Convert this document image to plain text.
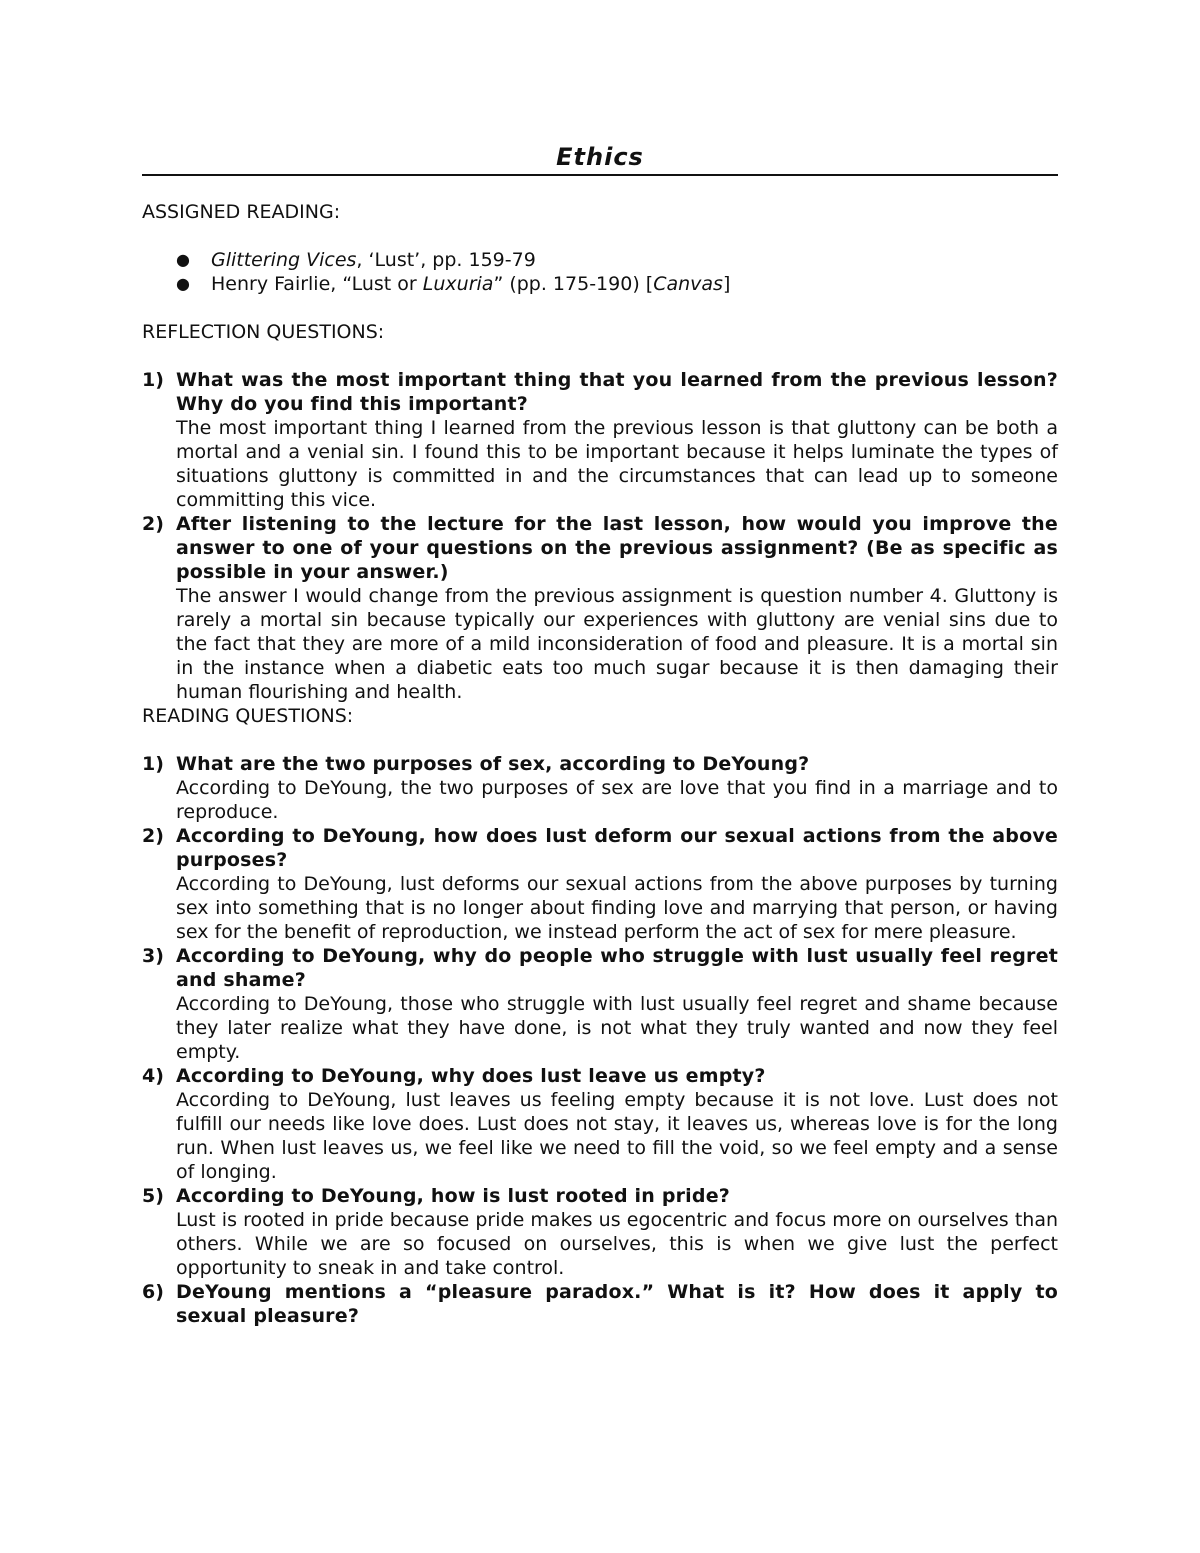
Ethics

ASSIGNED READING:

● Glittering Vices, ‘Lust’, pp. 159-79
● Henry Fairlie, “Lust or Luxuria” (pp. 175-190) [Canvas]

REFLECTION QUESTIONS:

1) What was the most important thing that you learned from the previous lesson? Why do you find this important?
The most important thing I learned from the previous lesson is that gluttony can be both a mortal and a venial sin. I found this to be important because it helps luminate the types of situations gluttony is committed in and the circumstances that can lead up to someone committing this vice.
2) After listening to the lecture for the last lesson, how would you improve the answer to one of your questions on the previous assignment? (Be as specific as possible in your answer.)
The answer I would change from the previous assignment is question number 4. Gluttony is rarely a mortal sin because typically our experiences with gluttony are venial sins due to the fact that they are more of a mild inconsideration of food and pleasure. It is a mortal sin in the instance when a diabetic eats too much sugar because it is then damaging their human flourishing and health.

READING QUESTIONS:

1) What are the two purposes of sex, according to DeYoung?
According to DeYoung, the two purposes of sex are love that you find in a marriage and to reproduce.
2) According to DeYoung, how does lust deform our sexual actions from the above purposes?
According to DeYoung, lust deforms our sexual actions from the above purposes by turning sex into something that is no longer about finding love and marrying that person, or having sex for the benefit of reproduction, we instead perform the act of sex for mere pleasure.
3) According to DeYoung, why do people who struggle with lust usually feel regret and shame?
According to DeYoung, those who struggle with lust usually feel regret and shame because they later realize what they have done, is not what they truly wanted and now they feel empty.
4) According to DeYoung, why does lust leave us empty?
According to DeYoung, lust leaves us feeling empty because it is not love. Lust does not fulfill our needs like love does. Lust does not stay, it leaves us, whereas love is for the long run. When lust leaves us, we feel like we need to fill the void, so we feel empty and a sense of longing.
5) According to DeYoung, how is lust rooted in pride?
Lust is rooted in pride because pride makes us egocentric and focus more on ourselves than others. While we are so focused on ourselves, this is when we give lust the perfect opportunity to sneak in and take control.
6) DeYoung mentions a “pleasure paradox.” What is it? How does it apply to sexual pleasure?
